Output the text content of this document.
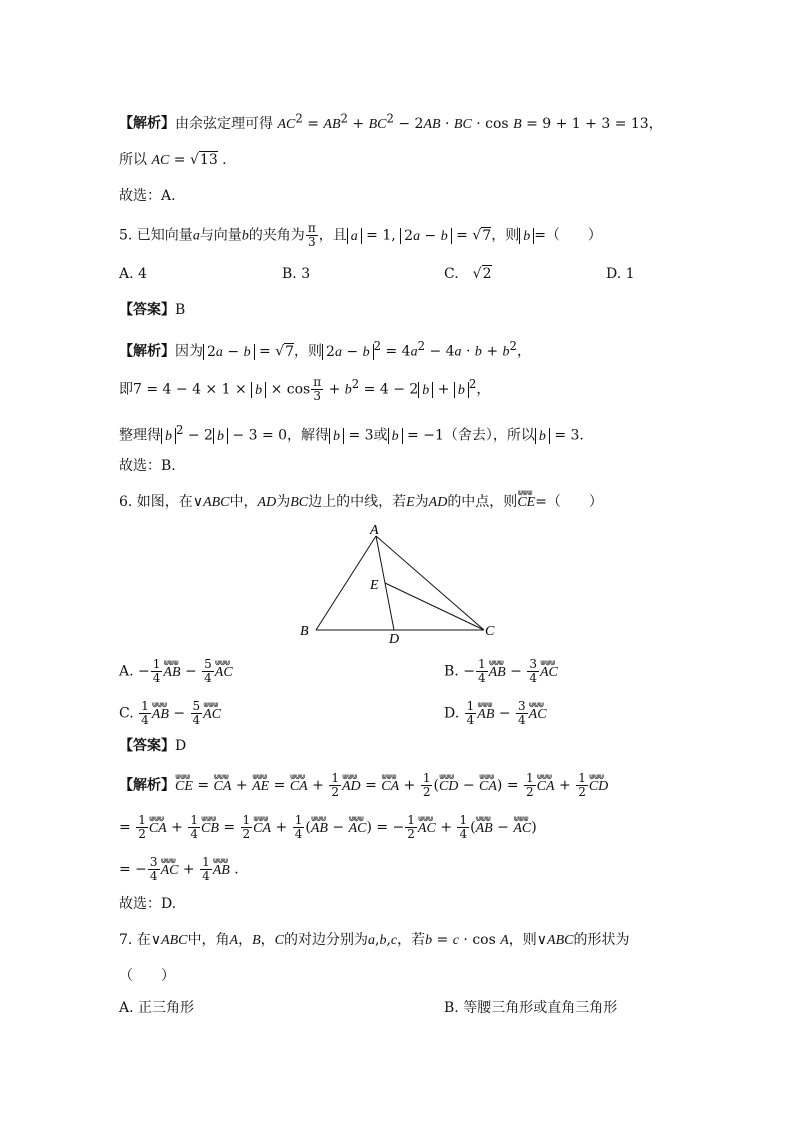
【解析】由余弦定理可得 $AC^2 = AB^2 + BC^2 - 2AB$ · BC · cos B = 9 + 1 + 3 = 13，
所以 AC = √13 .
故选：A.
5. 已知向量a与向量b的夹角为 $\frac{\pi}{3}$ ，且 a = 1, 2a − b = √7，则 b =（　　）
A. 4	B. 3	C.　√2	D. 1
【答案】B
【解析】因为 2a − b = √7，则 2a − b $^2 = 4a^2 - 4a \cdot b + b^2$，
即$7 = 4 - 4 \times 1 \times b \times \cos \frac{\pi}{3} + b^2 = 4 - 2$ b + b $^2$，
整理得 b $^2$ − 2 b − 3 = 0，解得 b = 3或 b = −1（舍去），所以 b = 3.
故选：B.
6. 如图，在∨ABC中，AD为BC边上的中线，若E为AD的中点，则⋓⋓⋓ CE=（　　）
A
B	C
D
E
A. − $\frac{1}{4}$ ⋓⋓⋓ AB − $\frac{5}{4}$ ⋓⋓⋓ AC	B. − $\frac{1}{4}$ ⋓⋓⋓ AB − $\frac{3}{4}$ ⋓⋓⋓ AC
C. $\frac{1}{4}$ ⋓⋓⋓ AB − $\frac{5}{4}$ ⋓⋓⋓ AC	D. $\frac{1}{4}$ ⋓⋓⋓ AB − $\frac{3}{4}$ ⋓⋓⋓ AC
【答案】D
【解析】⋓⋓⋓ CE = ⋓⋓⋓ CA + ⋓⋓⋓ AE = ⋓⋓⋓ CA + $\frac{1}{2}$ ⋓⋓⋓ AD = ⋓⋓⋓ CA + $\frac{1}{2}$ (⋓⋓⋓ CD − ⋓⋓⋓ $CA) = \frac{1}{2}$ ⋓⋓⋓ CA + $\frac{1}{2}$ ⋓⋓⋓ CD
= $\frac{1}{2}$ ⋓⋓⋓ CA + $\frac{1}{4}$ ⋓⋓⋓ CB = $\frac{1}{2}$ ⋓⋓⋓ CA + $\frac{1}{4}$ (⋓⋓⋓ AB − ⋓⋓⋓ AC) = − $\frac{1}{2}$ ⋓⋓⋓ AC + $\frac{1}{4}$ (⋓⋓⋓ AB − ⋓⋓⋓ AC)
= − $\frac{3}{4}$ ⋓⋓⋓ AC + $\frac{1}{4}$ ⋓⋓⋓ AB .
故选：D.
7. 在∨ABC中，角A，B，C的对边分别为a,b,c，若b = c · cos A，则∨ABC的形状为
（　　）
A. 正三角形	B. 等腰三角形或直角三角形
